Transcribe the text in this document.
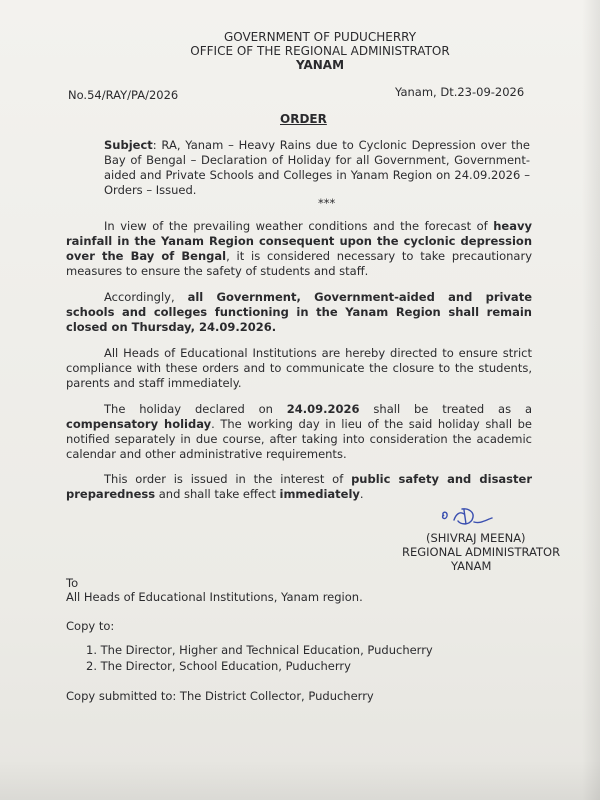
GOVERNMENT OF PUDUCHERRY
OFFICE OF THE REGIONAL ADMINISTRATOR
YANAM
No.54/RAY/PA/2026	Yanam, Dt.23-09-2026
ORDER
Subject: RA, Yanam – Heavy Rains due to Cyclonic Depression over the Bay of Bengal – Declaration of Holiday for all Government, Government-aided and Private Schools and Colleges in Yanam Region on 24.09.2026 – Orders – Issued.
***
In view of the prevailing weather conditions and the forecast of heavy rainfall in the Yanam Region consequent upon the cyclonic depression over the Bay of Bengal, it is considered necessary to take precautionary measures to ensure the safety of students and staff.
Accordingly, all Government, Government-aided and private schools and colleges functioning in the Yanam Region shall remain closed on Thursday, 24.09.2026.
All Heads of Educational Institutions are hereby directed to ensure strict compliance with these orders and to communicate the closure to the students, parents and staff immediately.
The holiday declared on 24.09.2026 shall be treated as a compensatory holiday. The working day in lieu of the said holiday shall be notified separately in due course, after taking into consideration the academic calendar and other administrative requirements.
This order is issued in the interest of public safety and disaster preparedness and shall take effect immediately.
(SHIVRAJ MEENA)
REGIONAL ADMINISTRATOR
YANAM
To
All Heads of Educational Institutions, Yanam region.
Copy to:
1. The Director, Higher and Technical Education, Puducherry
2. The Director, School Education, Puducherry
Copy submitted to: The District Collector, Puducherry
